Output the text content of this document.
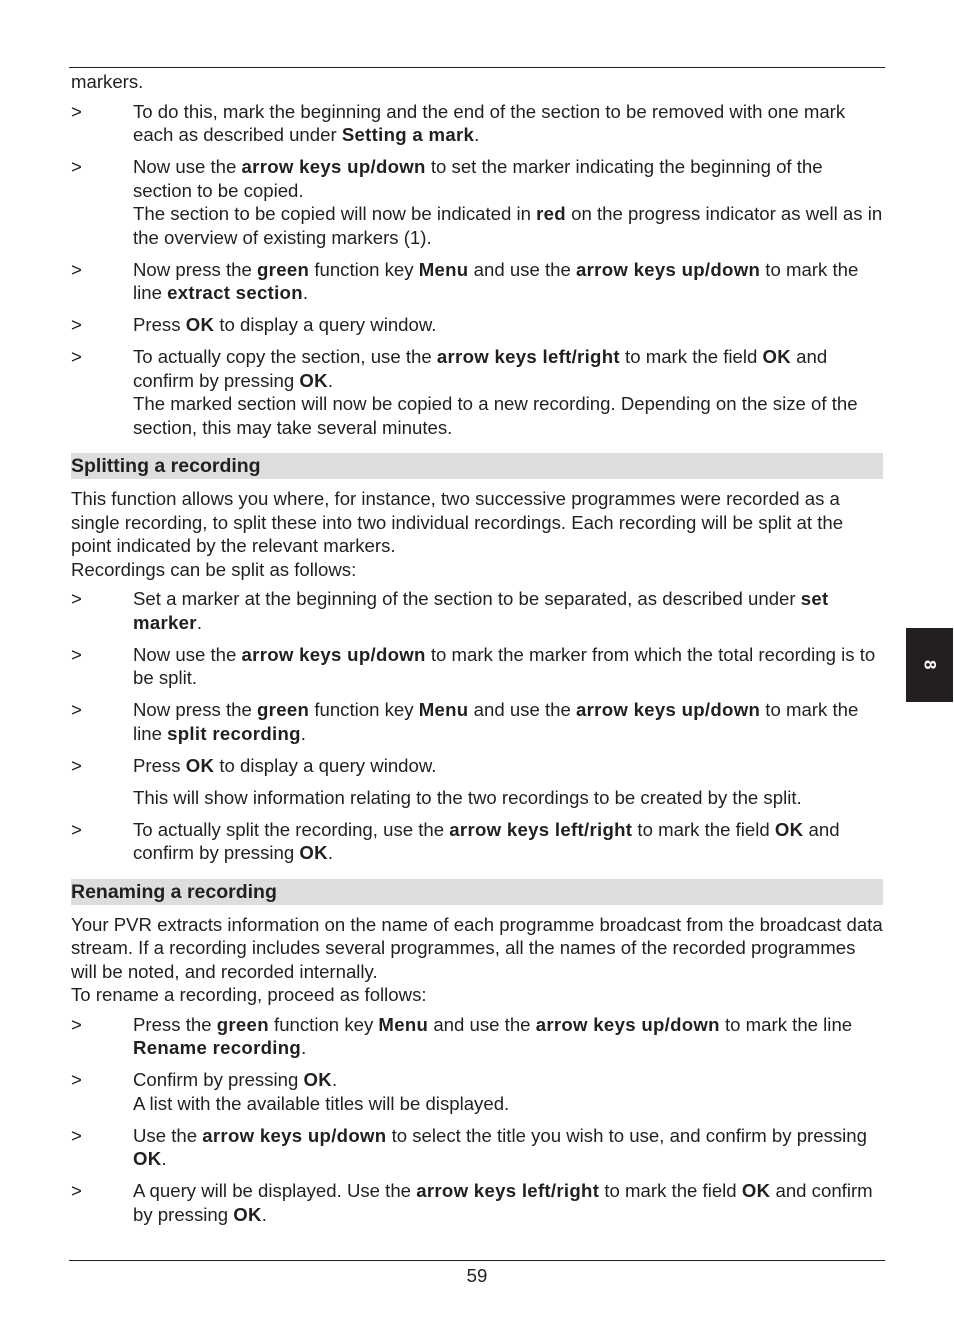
markers.

>	To do this, mark the beginning and the end of the section to be removed with one mark each as described under Setting a mark.

>	Now use the arrow keys up/down to set the marker indicating the beginning of the section to be copied.

The section to be copied will now be indicated in red on the progress indicator as well as in the overview of existing markers (1).

>	Now press the green function key Menu and use the arrow keys up/down to mark the line extract section.

>	Press OK to display a query window.

>	To actually copy the section, use the arrow keys left/right to mark the field OK and confirm by pressing OK.

The marked section will now be copied to a new recording. Depending on the size of the section, this may take several minutes.

Splitting a recording

This function allows you where, for instance, two successive programmes were recorded as a single recording, to split these into two individual recordings. Each recording will be split at the point indicated by the relevant markers.

Recordings can be split as follows:

>	Set a marker at the beginning of the section to be separated, as described under set marker.

>	Now use the arrow keys up/down to mark the marker from which the total recording is to be split.

>	Now press the green function key Menu and use the arrow keys up/down to mark the line split recording.

>	Press OK to display a query window.

This will show information relating to the two recordings to be created by the split.

>	To actually split the recording, use the arrow keys left/right to mark the field OK and confirm by pressing OK.

Renaming a recording

Your PVR extracts information on the name of each programme broadcast from the broadcast data stream. If a recording includes several programmes, all the names of the recorded programmes will be noted, and recorded internally.

To rename a recording, proceed as follows:

>	Press the green function key Menu and use the arrow keys up/down to mark the line Rename recording.

>	Confirm by pressing OK.

A list with the available titles will be displayed.

>	Use the arrow keys up/down to select the title you wish to use, and confirm by pressing OK.

>	A query will be displayed. Use the arrow keys left/right to mark the field OK and confirm by pressing OK.

8
59
